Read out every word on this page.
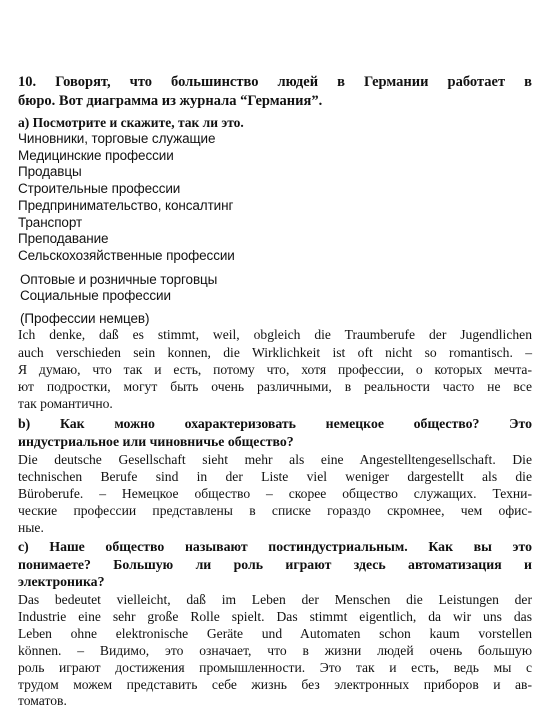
10. Говорят, что большинство людей в Германии работает в
бюро. Вот диаграмма из журнала “Германия”.
a) Посмотрите и скажите, так ли это.
Чиновники, торговые служащие
Медицинские профессии
Продавцы
Строительные профессии
Предпринимательство, консалтинг
Транспорт
Преподавание
Сельскохозяйственные профессии
Оптовые и розничные торговцы
Социальные профессии
(Профессии немцев)
Ich denke, daß es stimmt, weil, obgleich die Traumberufe der Jugendlichen
auch verschieden sein konnen, die Wirklichkeit ist oft nicht so romantisch. –
Я думаю, что так и есть, потому что, хотя профессии, о которых мечта-
ют подростки, могут быть очень различными, в реальности часто не все
так романтично.
b) Как можно охарактеризовать немецкое общество? Это
индустриальное или чиновничье общество?
Die deutsche Gesellschaft sieht mehr als eine Angestelltengesellschaft. Die
technischen Berufe sind in der Liste viel weniger dargestellt als die
Büroberufe. – Немецкое общество – скорее общество служащих. Техни-
ческие профессии представлены в списке гораздо скромнее, чем офис-
ные.
c) Наше общество называют постиндустриальным. Как вы это
понимаете? Большую ли роль играют здесь автоматизация и
электроника?
Das bedeutet vielleicht, daß im Leben der Menschen die Leistungen der
Industrie eine sehr große Rolle spielt. Das stimmt eigentlich, da wir uns das
Leben ohne elektronische Geräte und Automaten schon kaum vorstellen
können. – Видимо, это означает, что в жизни людей очень большую
роль играют достижения промышленности. Это так и есть, ведь мы с
трудом можем представить себе жизнь без электронных приборов и ав-
томатов.
